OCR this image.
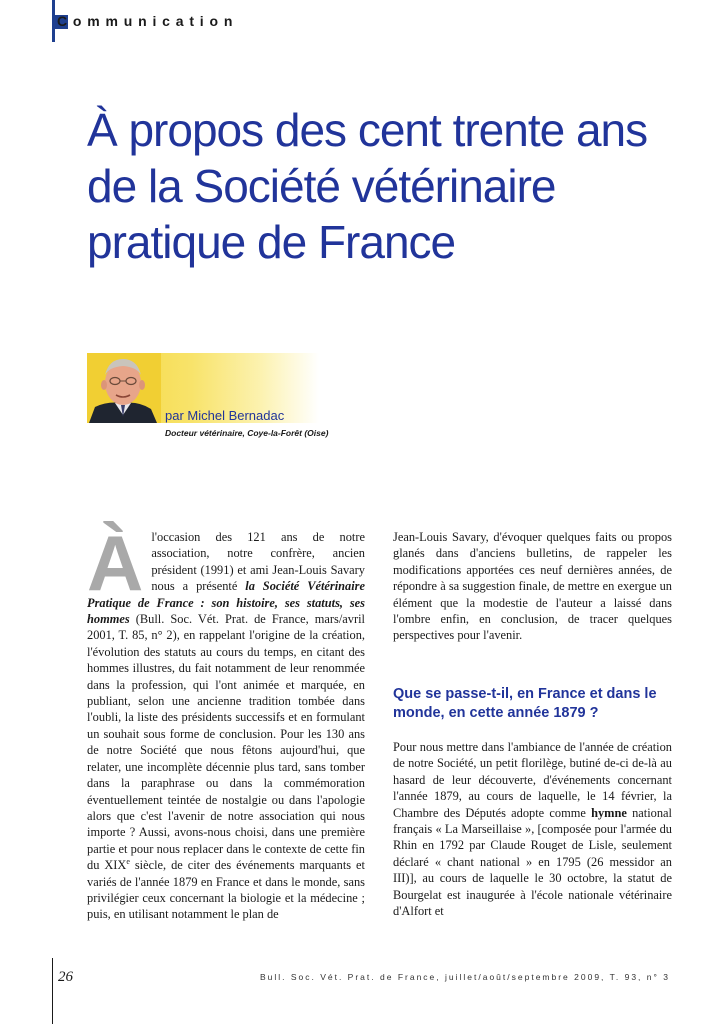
Communication
À propos des cent trente ans de la Société vétérinaire pratique de France
par Michel Bernadac
Docteur vétérinaire, Coye-la-Forêt (Oise)

Àl'occasion des 121 ans de notre association, notre confrère, ancien président (1991) et ami Jean-Louis Savary nous a présenté la Société Vétérinaire Pratique de France : son histoire, ses statuts, ses hommes (Bull. Soc. Vét. Prat. de France, mars/avril 2001, T. 85, n° 2), en rappelant l'origine de la création, l'évolution des statuts au cours du temps, en citant des hommes illustres, du fait notamment de leur renommée dans la profession, qui l'ont animée et marquée, en publiant, selon une ancienne tradition tombée dans l'oubli, la liste des présidents successifs et en formulant un souhait sous forme de conclusion. Pour les 130 ans de notre Société que nous fêtons aujourd'hui, que relater, une incomplète décennie plus tard, sans tomber dans la paraphrase ou dans la commémoration éventuellement teintée de nostalgie ou dans l'apologie alors que c'est l'avenir de notre association qui nous importe ? Aussi, avons-nous choisi, dans une première partie et pour nous replacer dans le contexte de cette fin du XIXe siècle, de citer des événements marquants et variés de l'année 1879 en France et dans le monde, sans privilégier ceux concernant la biologie et la médecine ; puis, en utilisant notamment le plan de

Jean-Louis Savary, d'évoquer quelques faits ou propos glanés dans d'anciens bulletins, de rappeler les modifications apportées ces neuf dernières années, de répondre à sa suggestion finale, de mettre en exergue un élément que la modestie de l'auteur a laissé dans l'ombre enfin, en conclusion, de tracer quelques perspectives pour l'avenir.

Que se passe-t-il, en France et dans le monde, en cette année 1879 ?

Pour nous mettre dans l'ambiance de l'année de création de notre Société, un petit florilège, butiné de-ci de-là au hasard de leur découverte, d'événements concernant l'année 1879, au cours de laquelle, le 14 février, la Chambre des Députés adopte comme hymne national français « La Marseillaise », [composée pour l'armée du Rhin en 1792 par Claude Rouget de Lisle, seulement déclaré « chant national » en 1795 (26 messidor an III)], au cours de laquelle le 30 octobre, la statut de Bourgelat est inaugurée à l'école nationale vétérinaire d'Alfort et

26	Bull. Soc. Vét. Prat. de France, juillet/août/septembre 2009, T. 93, n° 3
